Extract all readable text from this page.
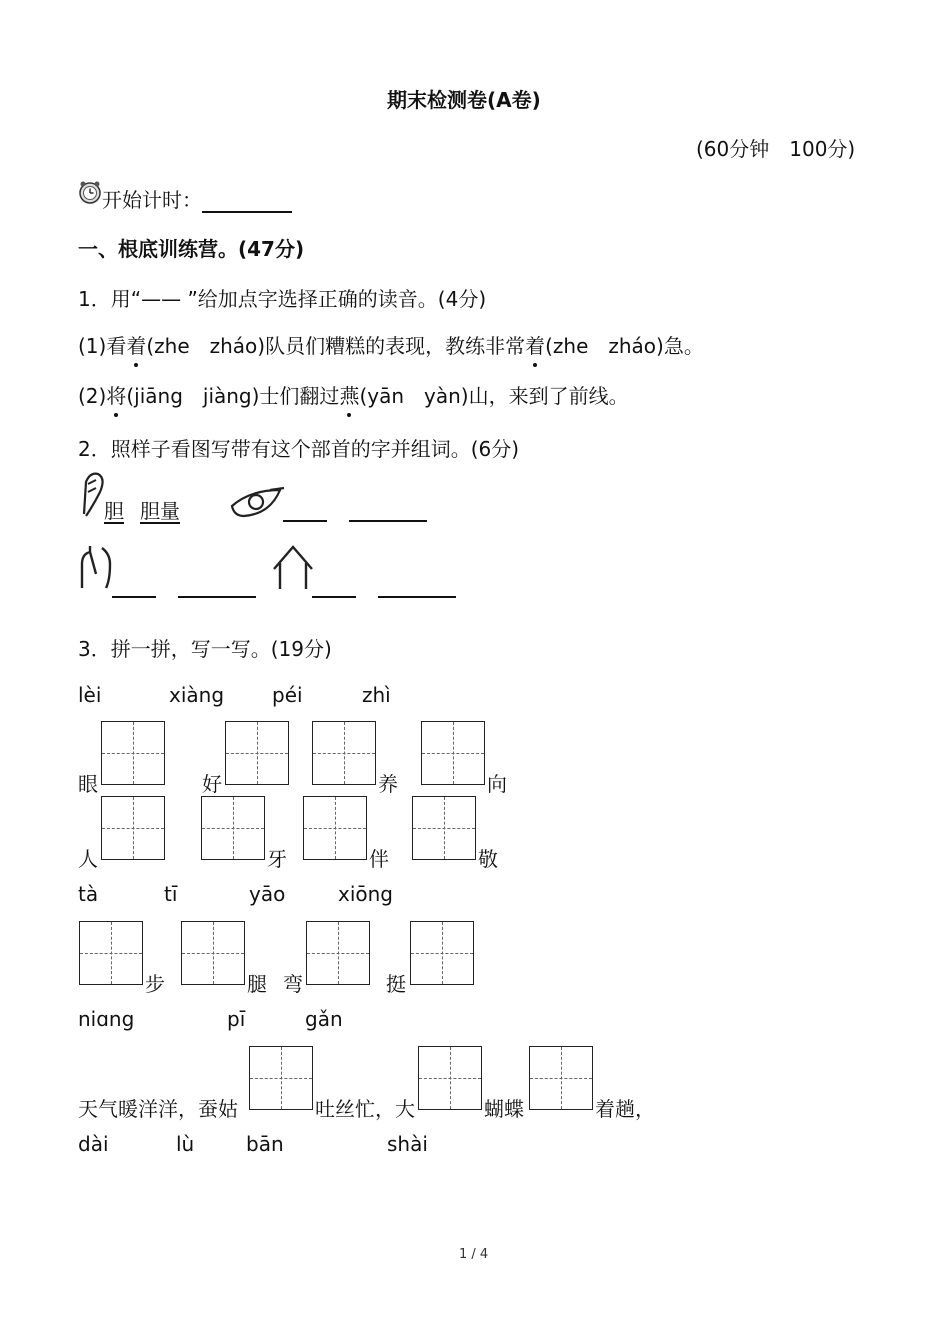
期末检测卷(A卷)
(60分钟　100分)
开始计时：
一、根底训练营。(47分)
1．用“—— ”给加点字选择正确的读音。(4分)
(1)看着(zhe　zháo)队员们糟糕的表现，教练非常着(zhe　zháo)急。
(2)将(jiāng　jiàng)士们翻过燕(yān　yàn)山，来到了前线。
2．照样子看图写带有这个部首的字并组词。(6分)
胆 胆量
3．拼一拼，写一写。(19分)
lèi	xiàng péi	zhì
眼	好	养	向
人	牙	伴	敬
tà	tī	yāo	xiōng
步	腿 弯	挺
niɑng	pī	gǎn
天气暖洋洋，蚕姑	吐丝忙，大	蝴蝶	着趟，
dài	lù	bān	shài
1 / 4
